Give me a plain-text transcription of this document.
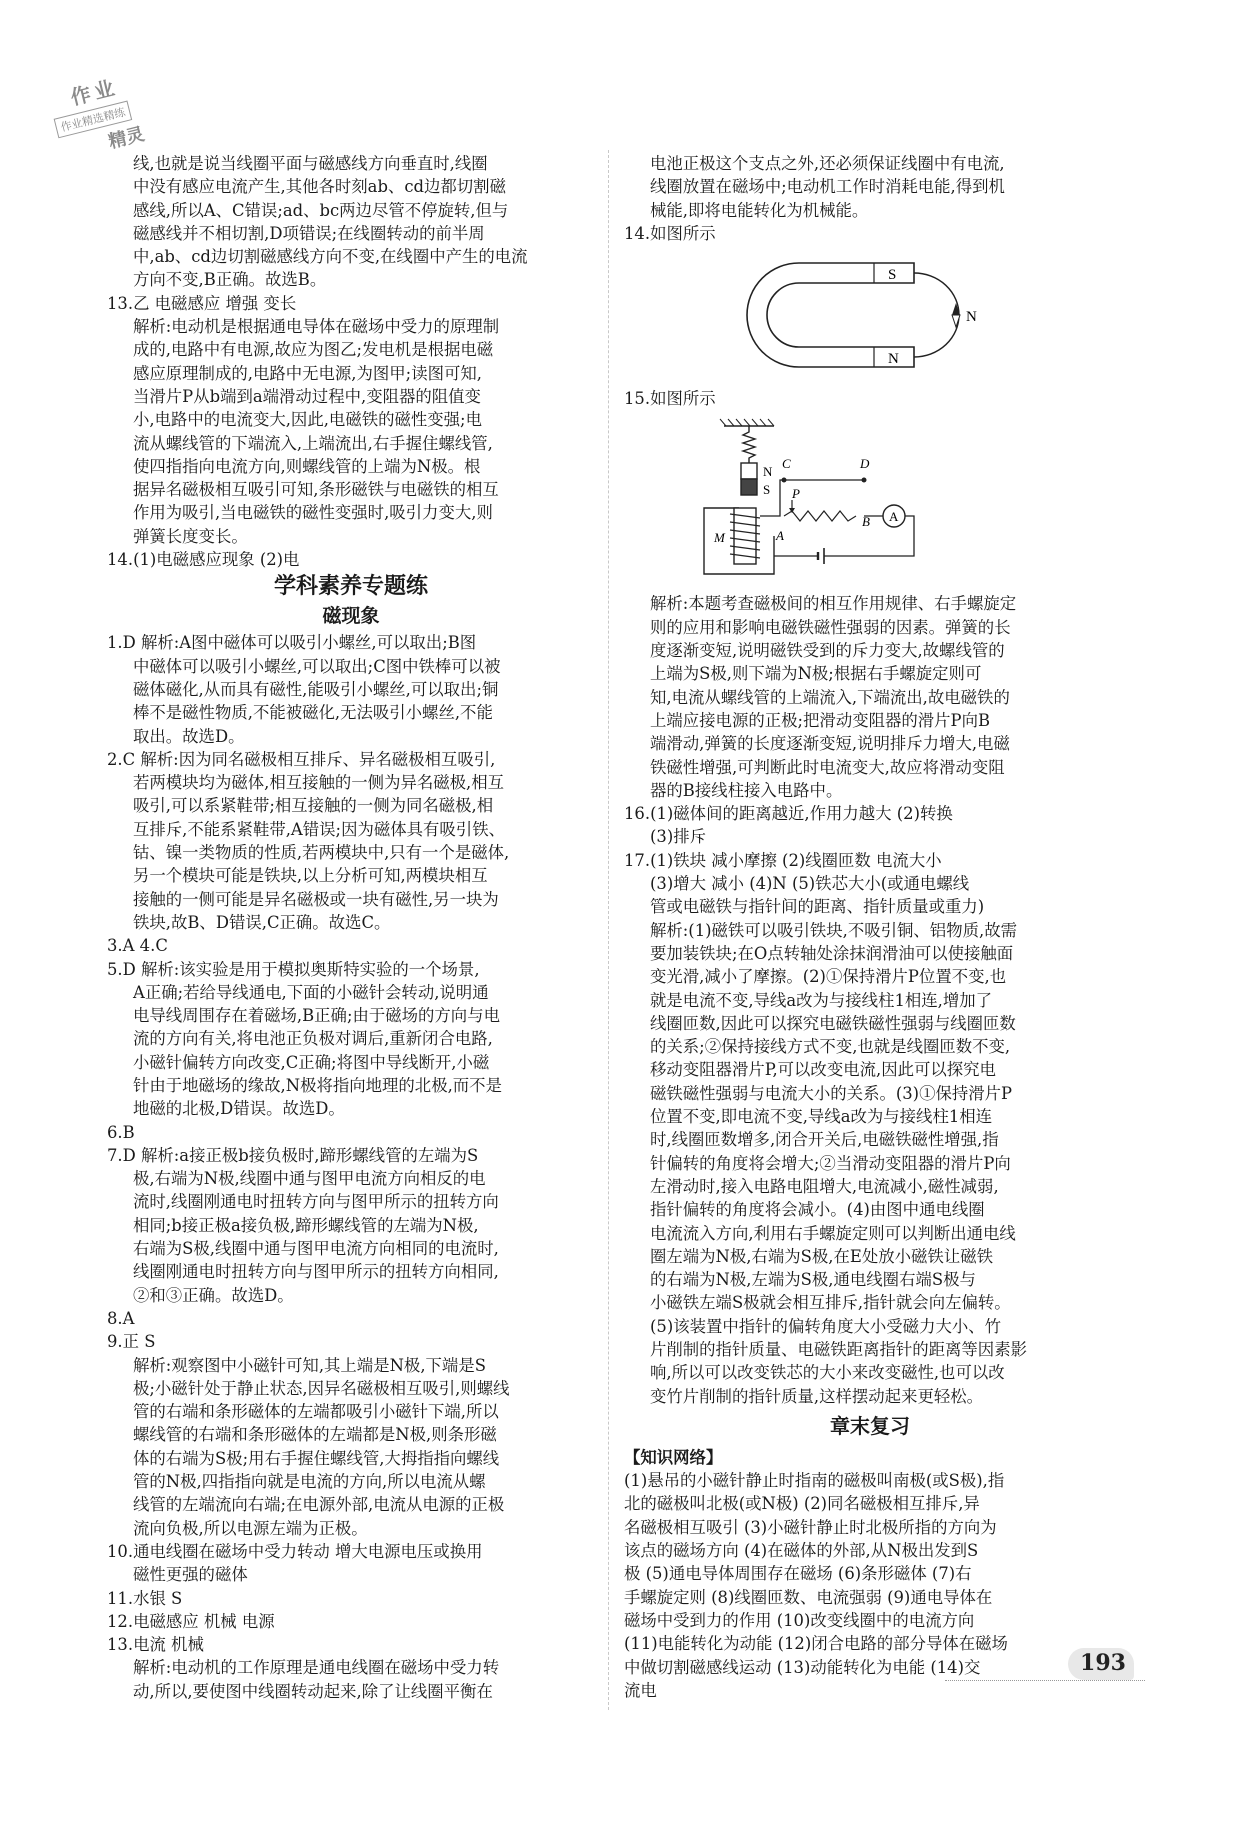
作业
作业精选精练
精灵
线,也就是说当线圈平面与磁感线方向垂直时,线圈
中没有感应电流产生,其他各时刻ab、cd边都切割磁
感线,所以A、C错误;ad、bc两边尽管不停旋转,但与
磁感线并不相切割,D项错误;在线圈转动的前半周
中,ab、cd边切割磁感线方向不变,在线圈中产生的电流
方向不变,B正确。故选B。
13.乙 电磁感应 增强 变长
解析:电动机是根据通电导体在磁场中受力的原理制
成的,电路中有电源,故应为图乙;发电机是根据电磁
感应原理制成的,电路中无电源,为图甲;读图可知,
当滑片P从b端到a端滑动过程中,变阻器的阻值变
小,电路中的电流变大,因此,电磁铁的磁性变强;电
流从螺线管的下端流入,上端流出,右手握住螺线管,
使四指指向电流方向,则螺线管的上端为N极。根
据异名磁极相互吸引可知,条形磁铁与电磁铁的相互
作用为吸引,当电磁铁的磁性变强时,吸引力变大,则
弹簧长度变长。
14.(1)电磁感应现象 (2)电
学科素养专题练
磁现象
1.D 解析:A图中磁体可以吸引小螺丝,可以取出;B图
中磁体可以吸引小螺丝,可以取出;C图中铁棒可以被
磁体磁化,从而具有磁性,能吸引小螺丝,可以取出;铜
棒不是磁性物质,不能被磁化,无法吸引小螺丝,不能
取出。故选D。
2.C 解析:因为同名磁极相互排斥、异名磁极相互吸引,
若两模块均为磁体,相互接触的一侧为异名磁极,相互
吸引,可以系紧鞋带;相互接触的一侧为同名磁极,相
互排斥,不能系紧鞋带,A错误;因为磁体具有吸引铁、
钴、镍一类物质的性质,若两模块中,只有一个是磁体,
另一个模块可能是铁块,以上分析可知,两模块相互
接触的一侧可能是异名磁极或一块有磁性,另一块为
铁块,故B、D错误,C正确。故选C。
3.A 4.C
5.D 解析:该实验是用于模拟奥斯特实验的一个场景,
A正确;若给导线通电,下面的小磁针会转动,说明通
电导线周围存在着磁场,B正确;由于磁场的方向与电
流的方向有关,将电池正负极对调后,重新闭合电路,
小磁针偏转方向改变,C正确;将图中导线断开,小磁
针由于地磁场的缘故,N极将指向地理的北极,而不是
地磁的北极,D错误。故选D。
6.B
7.D 解析:a接正极b接负极时,蹄形螺线管的左端为S
极,右端为N极,线圈中通与图甲电流方向相反的电
流时,线圈刚通电时扭转方向与图甲所示的扭转方向
相同;b接正极a接负极,蹄形螺线管的左端为N极,
右端为S极,线圈中通与图甲电流方向相同的电流时,
线圈刚通电时扭转方向与图甲所示的扭转方向相同,
②和③正确。故选D。
8.A
9.正 S
解析:观察图中小磁针可知,其上端是N极,下端是S
极;小磁针处于静止状态,因异名磁极相互吸引,则螺线
管的右端和条形磁体的左端都吸引小磁针下端,所以
螺线管的右端和条形磁体的左端都是N极,则条形磁
体的右端为S极;用右手握住螺线管,大拇指指向螺线
管的N极,四指指向就是电流的方向,所以电流从螺
线管的左端流向右端;在电源外部,电流从电源的正极
流向负极,所以电源左端为正极。
10.通电线圈在磁场中受力转动 增大电源电压或换用
磁性更强的磁体
11.水银 S
12.电磁感应 机械 电源
13.电流 机械
解析:电动机的工作原理是通电线圈在磁场中受力转
动,所以,要使图中线圈转动起来,除了让线圈平衡在
电池正极这个支点之外,还必须保证线圈中有电流,
线圈放置在磁场中;电动机工作时消耗电能,得到机
械能,即将电能转化为机械能。
14.如图所示
S
N
N
15.如图所示
N
S
M
C	D
P
A
B A
解析:本题考查磁极间的相互作用规律、右手螺旋定
则的应用和影响电磁铁磁性强弱的因素。弹簧的长
度逐渐变短,说明磁铁受到的斥力变大,故螺线管的
上端为S极,则下端为N极;根据右手螺旋定则可
知,电流从螺线管的上端流入,下端流出,故电磁铁的
上端应接电源的正极;把滑动变阻器的滑片P向B
端滑动,弹簧的长度逐渐变短,说明排斥力增大,电磁
铁磁性增强,可判断此时电流变大,故应将滑动变阻
器的B接线柱接入电路中。
16.(1)磁体间的距离越近,作用力越大 (2)转换
(3)排斥
17.(1)铁块 减小摩擦 (2)线圈匝数 电流大小
(3)增大 减小 (4)N (5)铁芯大小(或通电螺线
管或电磁铁与指针间的距离、指针质量或重力)
解析:(1)磁铁可以吸引铁块,不吸引铜、铝物质,故需
要加装铁块;在O点转轴处涂抹润滑油可以使接触面
变光滑,减小了摩擦。(2)①保持滑片P位置不变,也
就是电流不变,导线a改为与接线柱1相连,增加了
线圈匝数,因此可以探究电磁铁磁性强弱与线圈匝数
的关系;②保持接线方式不变,也就是线圈匝数不变,
移动变阻器滑片P,可以改变电流,因此可以探究电
磁铁磁性强弱与电流大小的关系。(3)①保持滑片P
位置不变,即电流不变,导线a改为与接线柱1相连
时,线圈匝数增多,闭合开关后,电磁铁磁性增强,指
针偏转的角度将会增大;②当滑动变阻器的滑片P向
左滑动时,接入电路电阻增大,电流减小,磁性减弱,
指针偏转的角度将会减小。(4)由图中通电线圈
电流流入方向,利用右手螺旋定则可以判断出通电线
圈左端为N极,右端为S极,在E处放小磁铁让磁铁
的右端为N极,左端为S极,通电线圈右端S极与
小磁铁左端S极就会相互排斥,指针就会向左偏转。
(5)该装置中指针的偏转角度大小受磁力大小、竹
片削制的指针质量、电磁铁距离指针的距离等因素影
响,所以可以改变铁芯的大小来改变磁性,也可以改
变竹片削制的指针质量,这样摆动起来更轻松。
章末复习
【知识网络】
(1)悬吊的小磁针静止时指南的磁极叫南极(或S极),指
北的磁极叫北极(或N极) (2)同名磁极相互排斥,异
名磁极相互吸引 (3)小磁针静止时北极所指的方向为
该点的磁场方向 (4)在磁体的外部,从N极出发到S
极 (5)通电导体周围存在磁场 (6)条形磁体 (7)右
手螺旋定则 (8)线圈匝数、电流强弱 (9)通电导体在
磁场中受到力的作用 (10)改变线圈中的电流方向
(11)电能转化为动能 (12)闭合电路的部分导体在磁场
中做切割磁感线运动 (13)动能转化为电能 (14)交
流电
193
